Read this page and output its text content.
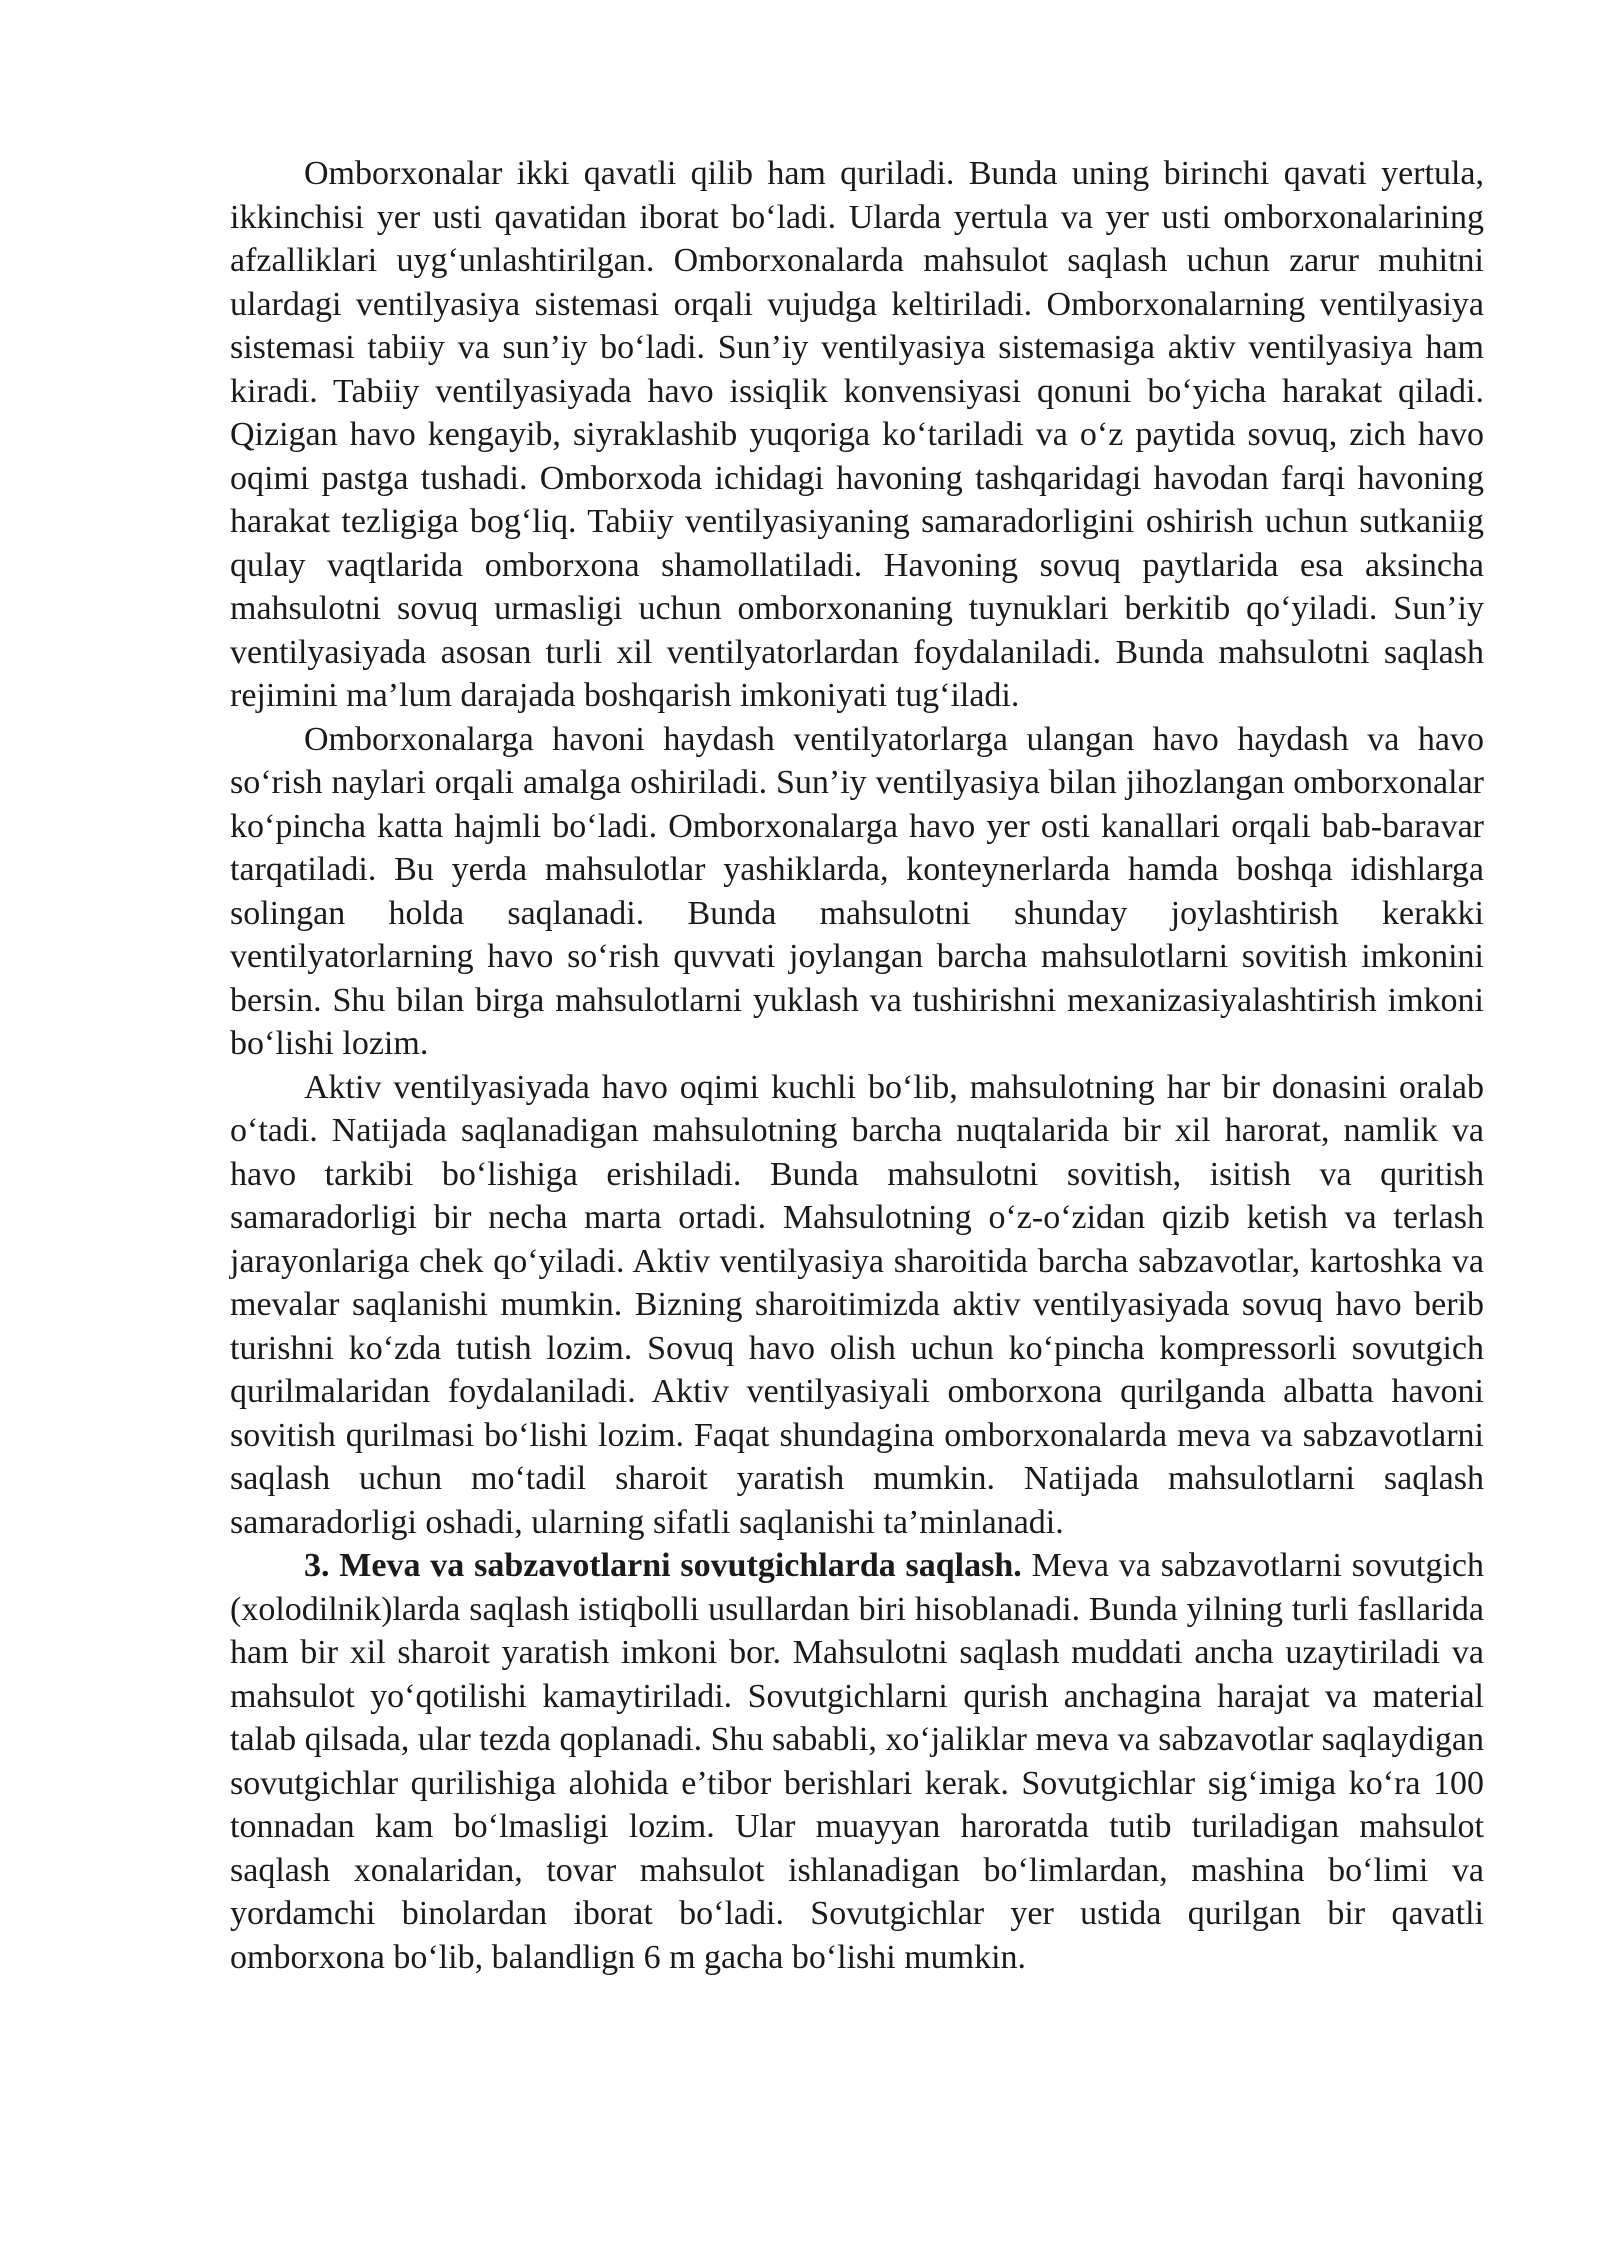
Omborxonalar ikki qavatli qilib ham quriladi. Bunda uning birinchi qavati yertula, ikkinchisi yer usti qavatidan iborat bo‘ladi. Ularda yertula va yer usti omborxonalarining afzalliklari uyg‘unlashtirilgan. Omborxonalarda mahsulot saqlash uchun zarur muhitni ulardagi ventilyasiya sistemasi orqali vujudga keltiriladi. Omborxonalarning ventilyasiya sistemasi tabiiy va sun’iy bo‘ladi. Sun’iy ventilyasiya sistemasiga aktiv ventilyasiya ham kiradi. Tabiiy ventilyasiyada havo issiqlik konvensiyasi qonuni bo‘yicha harakat qiladi. Qizigan havo kengayib, siyraklashib yuqoriga ko‘tariladi va o‘z paytida sovuq, zich havo oqimi pastga tushadi. Omborxoda ichidagi havoning tashqaridagi havodan farqi havoning harakat tezligiga bog‘liq. Tabiiy ventilyasiyaning samaradorligini oshirish uchun sutkaniig qulay vaqtlarida omborxona shamollatiladi. Havoning sovuq paytlarida esa aksincha mahsulotni sovuq urmasligi uchun omborxonaning tuynuklari berkitib qo‘yiladi. Sun’iy ventilyasiyada asosan turli xil ventilyatorlardan foydalaniladi. Bunda mahsulotni saqlash rejimini ma’lum darajada boshqarish imkoniyati tug‘iladi.

Omborxonalarga havoni haydash ventilyatorlarga ulangan havo haydash va havo so‘rish naylari orqali amalga oshiriladi. Sun’iy ventilyasiya bilan jihozlangan omborxonalar ko‘pincha katta hajmli bo‘ladi. Omborxonalarga havo yer osti kanallari orqali bab-baravar tarqatiladi. Bu yerda mahsulotlar yashiklarda, konteynerlarda hamda boshqa idishlarga solingan holda saqlanadi. Bunda mahsulotni shunday joylashtirish kerakki ventilyatorlarning havo so‘rish quvvati joylangan barcha mahsulotlarni sovitish imkonini bersin. Shu bilan birga mahsulotlarni yuklash va tushirishni mexanizasiyalashtirish imkoni bo‘lishi lozim.

Aktiv ventilyasiyada havo oqimi kuchli bo‘lib, mahsulotning har bir donasini oralab o‘tadi. Natijada saqlanadigan mahsulotning barcha nuqtalarida bir xil harorat, namlik va havo tarkibi bo‘lishiga erishiladi. Bunda mahsulotni sovitish, isitish va quritish samaradorligi bir necha marta ortadi. Mahsulotning o‘z-o‘zidan qizib ketish va terlash jarayonlariga chek qo‘yiladi. Aktiv ventilyasiya sharoitida barcha sabzavotlar, kartoshka va mevalar saqlanishi mumkin. Bizning sharoitimizda aktiv ventilyasiyada sovuq havo berib turishni ko‘zda tutish lozim. Sovuq havo olish uchun ko‘pincha kompressorli sovutgich qurilmalaridan foydalaniladi. Aktiv ventilyasiyali omborxona qurilganda albatta havoni sovitish qurilmasi bo‘lishi lozim. Faqat shundagina omborxonalarda meva va sabzavotlarni saqlash uchun mo‘tadil sharoit yaratish mumkin. Natijada mahsulotlarni saqlash samaradorligi oshadi, ularning sifatli saqlanishi ta’minlanadi.

3. Meva va sabzavotlarni sovutgichlarda saqlash. Meva va sabzavotlarni sovutgich (xolodilnik)larda saqlash istiqbolli usullardan biri hisoblanadi. Bunda yilning turli fasllarida ham bir xil sharoit yaratish imkoni bor. Mahsulotni saqlash muddati ancha uzaytiriladi va mahsulot yo‘qotilishi kamaytiriladi. Sovutgichlarni qurish anchagina harajat va material talab qilsada, ular tezda qoplanadi. Shu sababli, xo‘jaliklar meva va sabzavotlar saqlaydigan sovutgichlar qurilishiga alohida e’tibor berishlari kerak. Sovutgichlar sig‘imiga ko‘ra 100 tonnadan kam bo‘lmasligi lozim. Ular muayyan haroratda tutib turiladigan mahsulot saqlash xonalaridan, tovar mahsulot ishlanadigan bo‘limlardan, mashina bo‘limi va yordamchi binolardan iborat bo‘ladi. Sovutgichlar yer ustida qurilgan bir qavatli omborxona bo‘lib, balandlign 6 m gacha bo‘lishi mumkin.
